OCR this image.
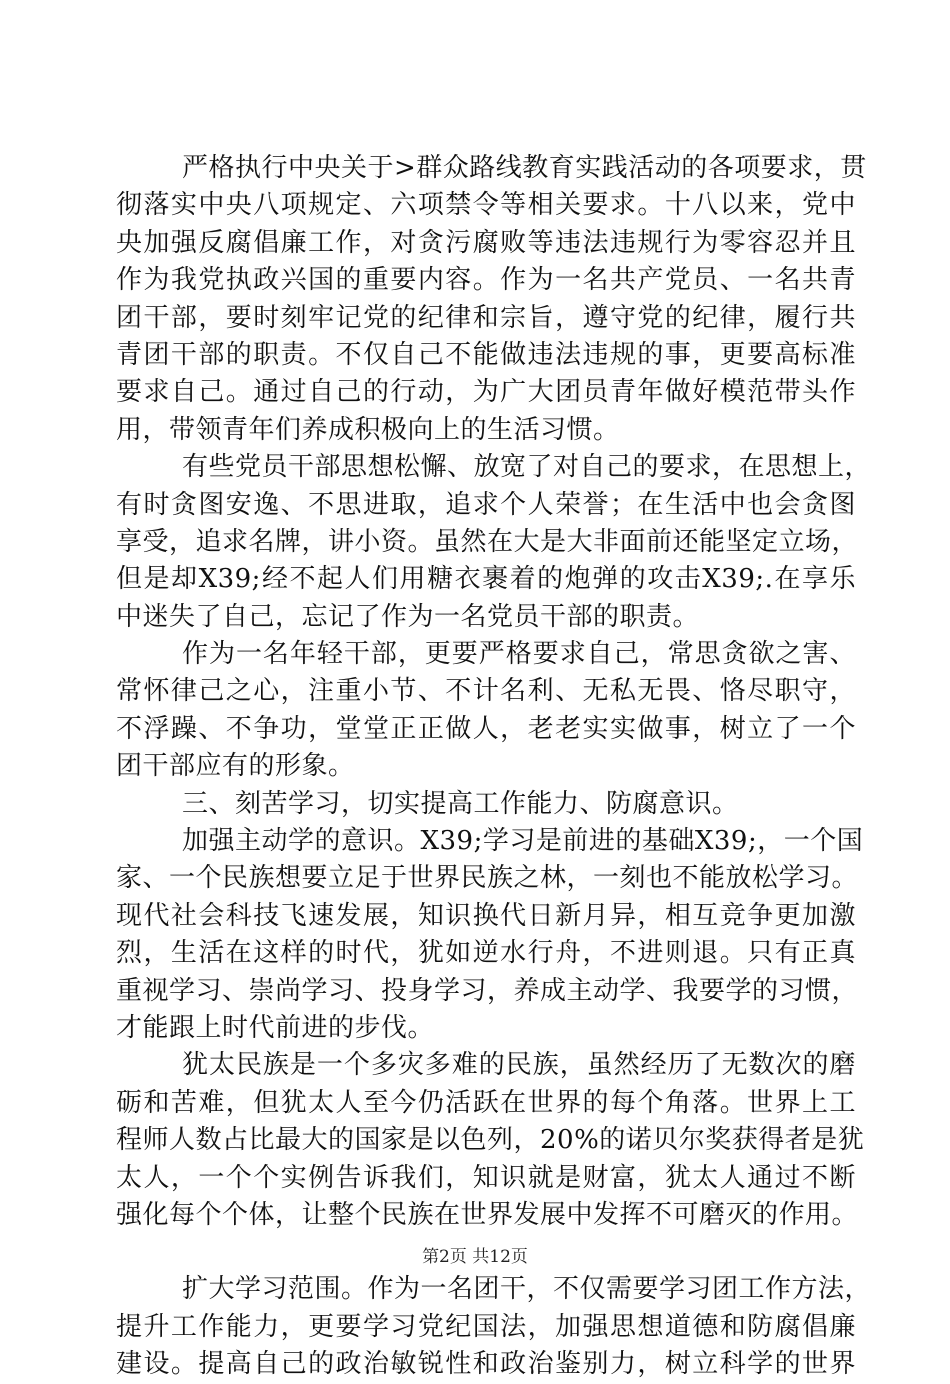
严格执行中央关于>群众路线教育实践活动的各项要求，贯
彻落实中央八项规定、六项禁令等相关要求。十八以来，党中
央加强反腐倡廉工作，对贪污腐败等违法违规行为零容忍并且
作为我党执政兴国的重要内容。作为一名共产党员、一名共青
团干部，要时刻牢记党的纪律和宗旨，遵守党的纪律，履行共
青团干部的职责。不仅自己不能做违法违规的事，更要高标准
要求自己。通过自己的行动，为广大团员青年做好模范带头作
用，带领青年们养成积极向上的生活习惯。
有些党员干部思想松懈、放宽了对自己的要求，在思想上，
有时贪图安逸、不思进取，追求个人荣誉；在生活中也会贪图
享受，追求名牌，讲小资。虽然在大是大非面前还能坚定立场，
但是却X39;经不起人们用糖衣裹着的炮弹的攻击X39;.在享乐
中迷失了自己，忘记了作为一名党员干部的职责。
作为一名年轻干部，更要严格要求自己，常思贪欲之害、
常怀律己之心，注重小节、不计名利、无私无畏、恪尽职守，
不浮躁、不争功，堂堂正正做人，老老实实做事，树立了一个
团干部应有的形象。
三、刻苦学习，切实提高工作能力、防腐意识。
加强主动学的意识。X39;学习是前进的基础X39;，一个国
家、一个民族想要立足于世界民族之林，一刻也不能放松学习。
现代社会科技飞速发展，知识换代日新月异，相互竞争更加激
烈，生活在这样的时代，犹如逆水行舟，不进则退。只有正真
重视学习、崇尚学习、投身学习，养成主动学、我要学的习惯，
才能跟上时代前进的步伐。
犹太民族是一个多灾多难的民族，虽然经历了无数次的磨
砺和苦难，但犹太人至今仍活跃在世界的每个角落。世界上工
程师人数占比最大的国家是以色列，20%的诺贝尔奖获得者是犹
太人，一个个实例告诉我们，知识就是财富，犹太人通过不断
强化每个个体，让整个民族在世界发展中发挥不可磨灭的作用。
扩大学习范围。作为一名团干，不仅需要学习团工作方法，
提升工作能力，更要学习党纪国法，加强思想道德和防腐倡廉
建设。提高自己的政治敏锐性和政治鉴别力，树立科学的世界
第2页 共12页
